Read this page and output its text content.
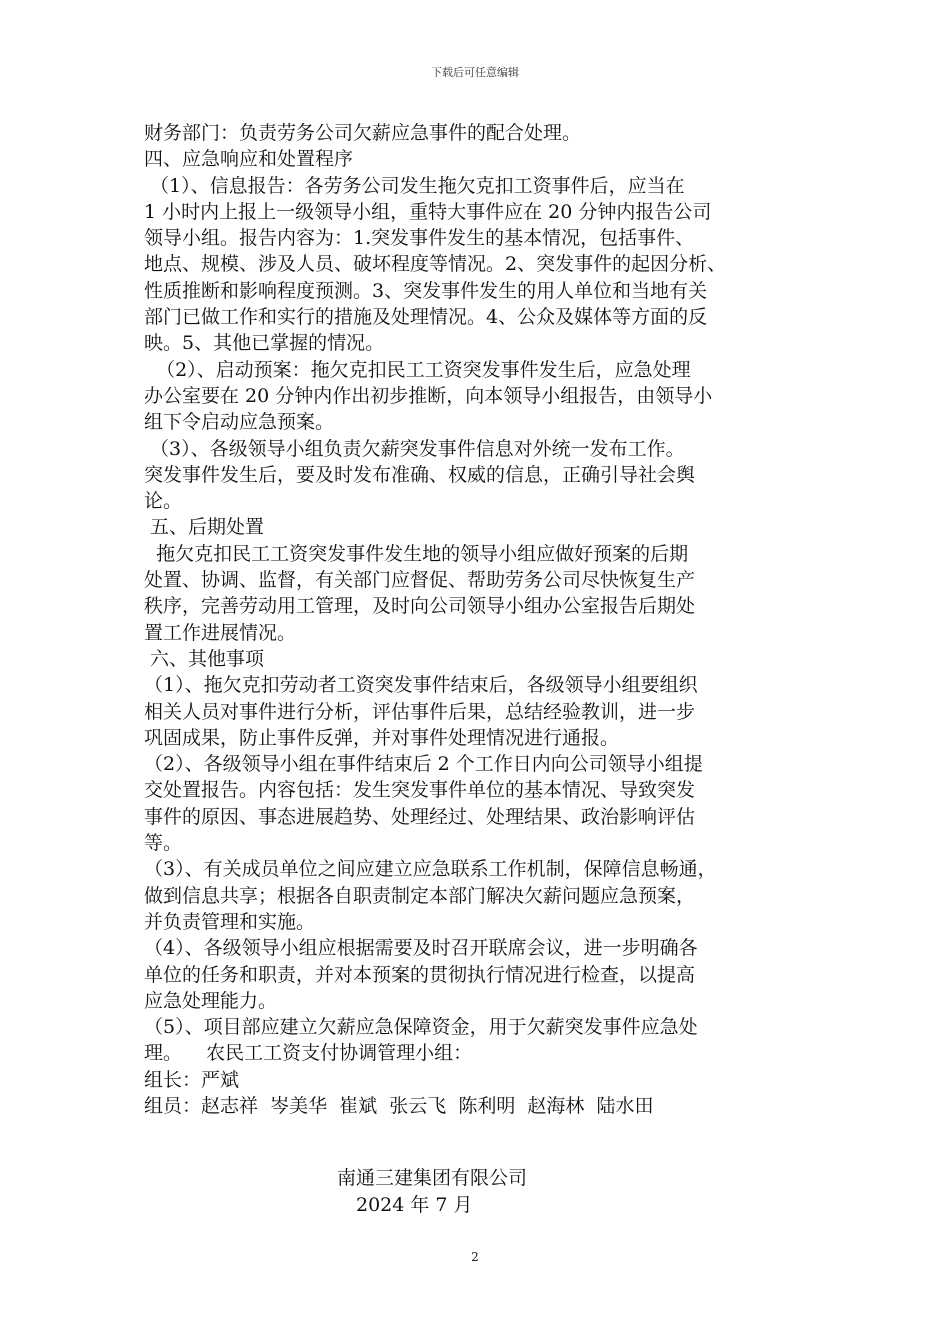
下载后可任意编辑
财务部门：负责劳务公司欠薪应急事件的配合处理。
四、应急响应和处置程序
（1）、信息报告：各劳务公司发生拖欠克扣工资事件后，应当在
1 小时内上报上一级领导小组，重特大事件应在 20 分钟内报告公司
领导小组。报告内容为：1.突发事件发生的基本情况，包括事件、
地点、规模、涉及人员、破坏程度等情况。2、突发事件的起因分析、
性质推断和影响程度预测。3、突发事件发生的用人单位和当地有关
部门已做工作和实行的措施及处理情况。4、公众及媒体等方面的反
映。5、其他已掌握的情况。
（2）、启动预案：拖欠克扣民工工资突发事件发生后，应急处理
办公室要在 20 分钟内作出初步推断，向本领导小组报告，由领导小
组下令启动应急预案。
（3）、各级领导小组负责欠薪突发事件信息对外统一发布工作。
突发事件发生后，要及时发布准确、权威的信息，正确引导社会舆
论。
五、后期处置
拖欠克扣民工工资突发事件发生地的领导小组应做好预案的后期
处置、协调、监督，有关部门应督促、帮助劳务公司尽快恢复生产
秩序，完善劳动用工管理，及时向公司领导小组办公室报告后期处
置工作进展情况。
六、其他事项
（1）、拖欠克扣劳动者工资突发事件结束后，各级领导小组要组织
相关人员对事件进行分析，评估事件后果，总结经验教训，进一步
巩固成果，防止事件反弹，并对事件处理情况进行通报。
（2）、各级领导小组在事件结束后 2 个工作日内向公司领导小组提
交处置报告。内容包括：发生突发事件单位的基本情况、导致突发
事件的原因、事态进展趋势、处理经过、处理结果、政治影响评估
等。
（3）、有关成员单位之间应建立应急联系工作机制，保障信息畅通，
做到信息共享；根据各自职责制定本部门解决欠薪问题应急预案，
并负责管理和实施。
（4）、各级领导小组应根据需要及时召开联席会议，进一步明确各
单位的任务和职责，并对本预案的贯彻执行情况进行检查，以提高
应急处理能力。
（5）、项目部应建立欠薪应急保障资金，用于欠薪突发事件应急处
理。    农民工工资支付协调管理小组：
组长：严斌
组员：赵志祥  岑美华  崔斌  张云飞  陈利明  赵海林  陆水田
南通三建集团有限公司
2024 年 7 月
2
